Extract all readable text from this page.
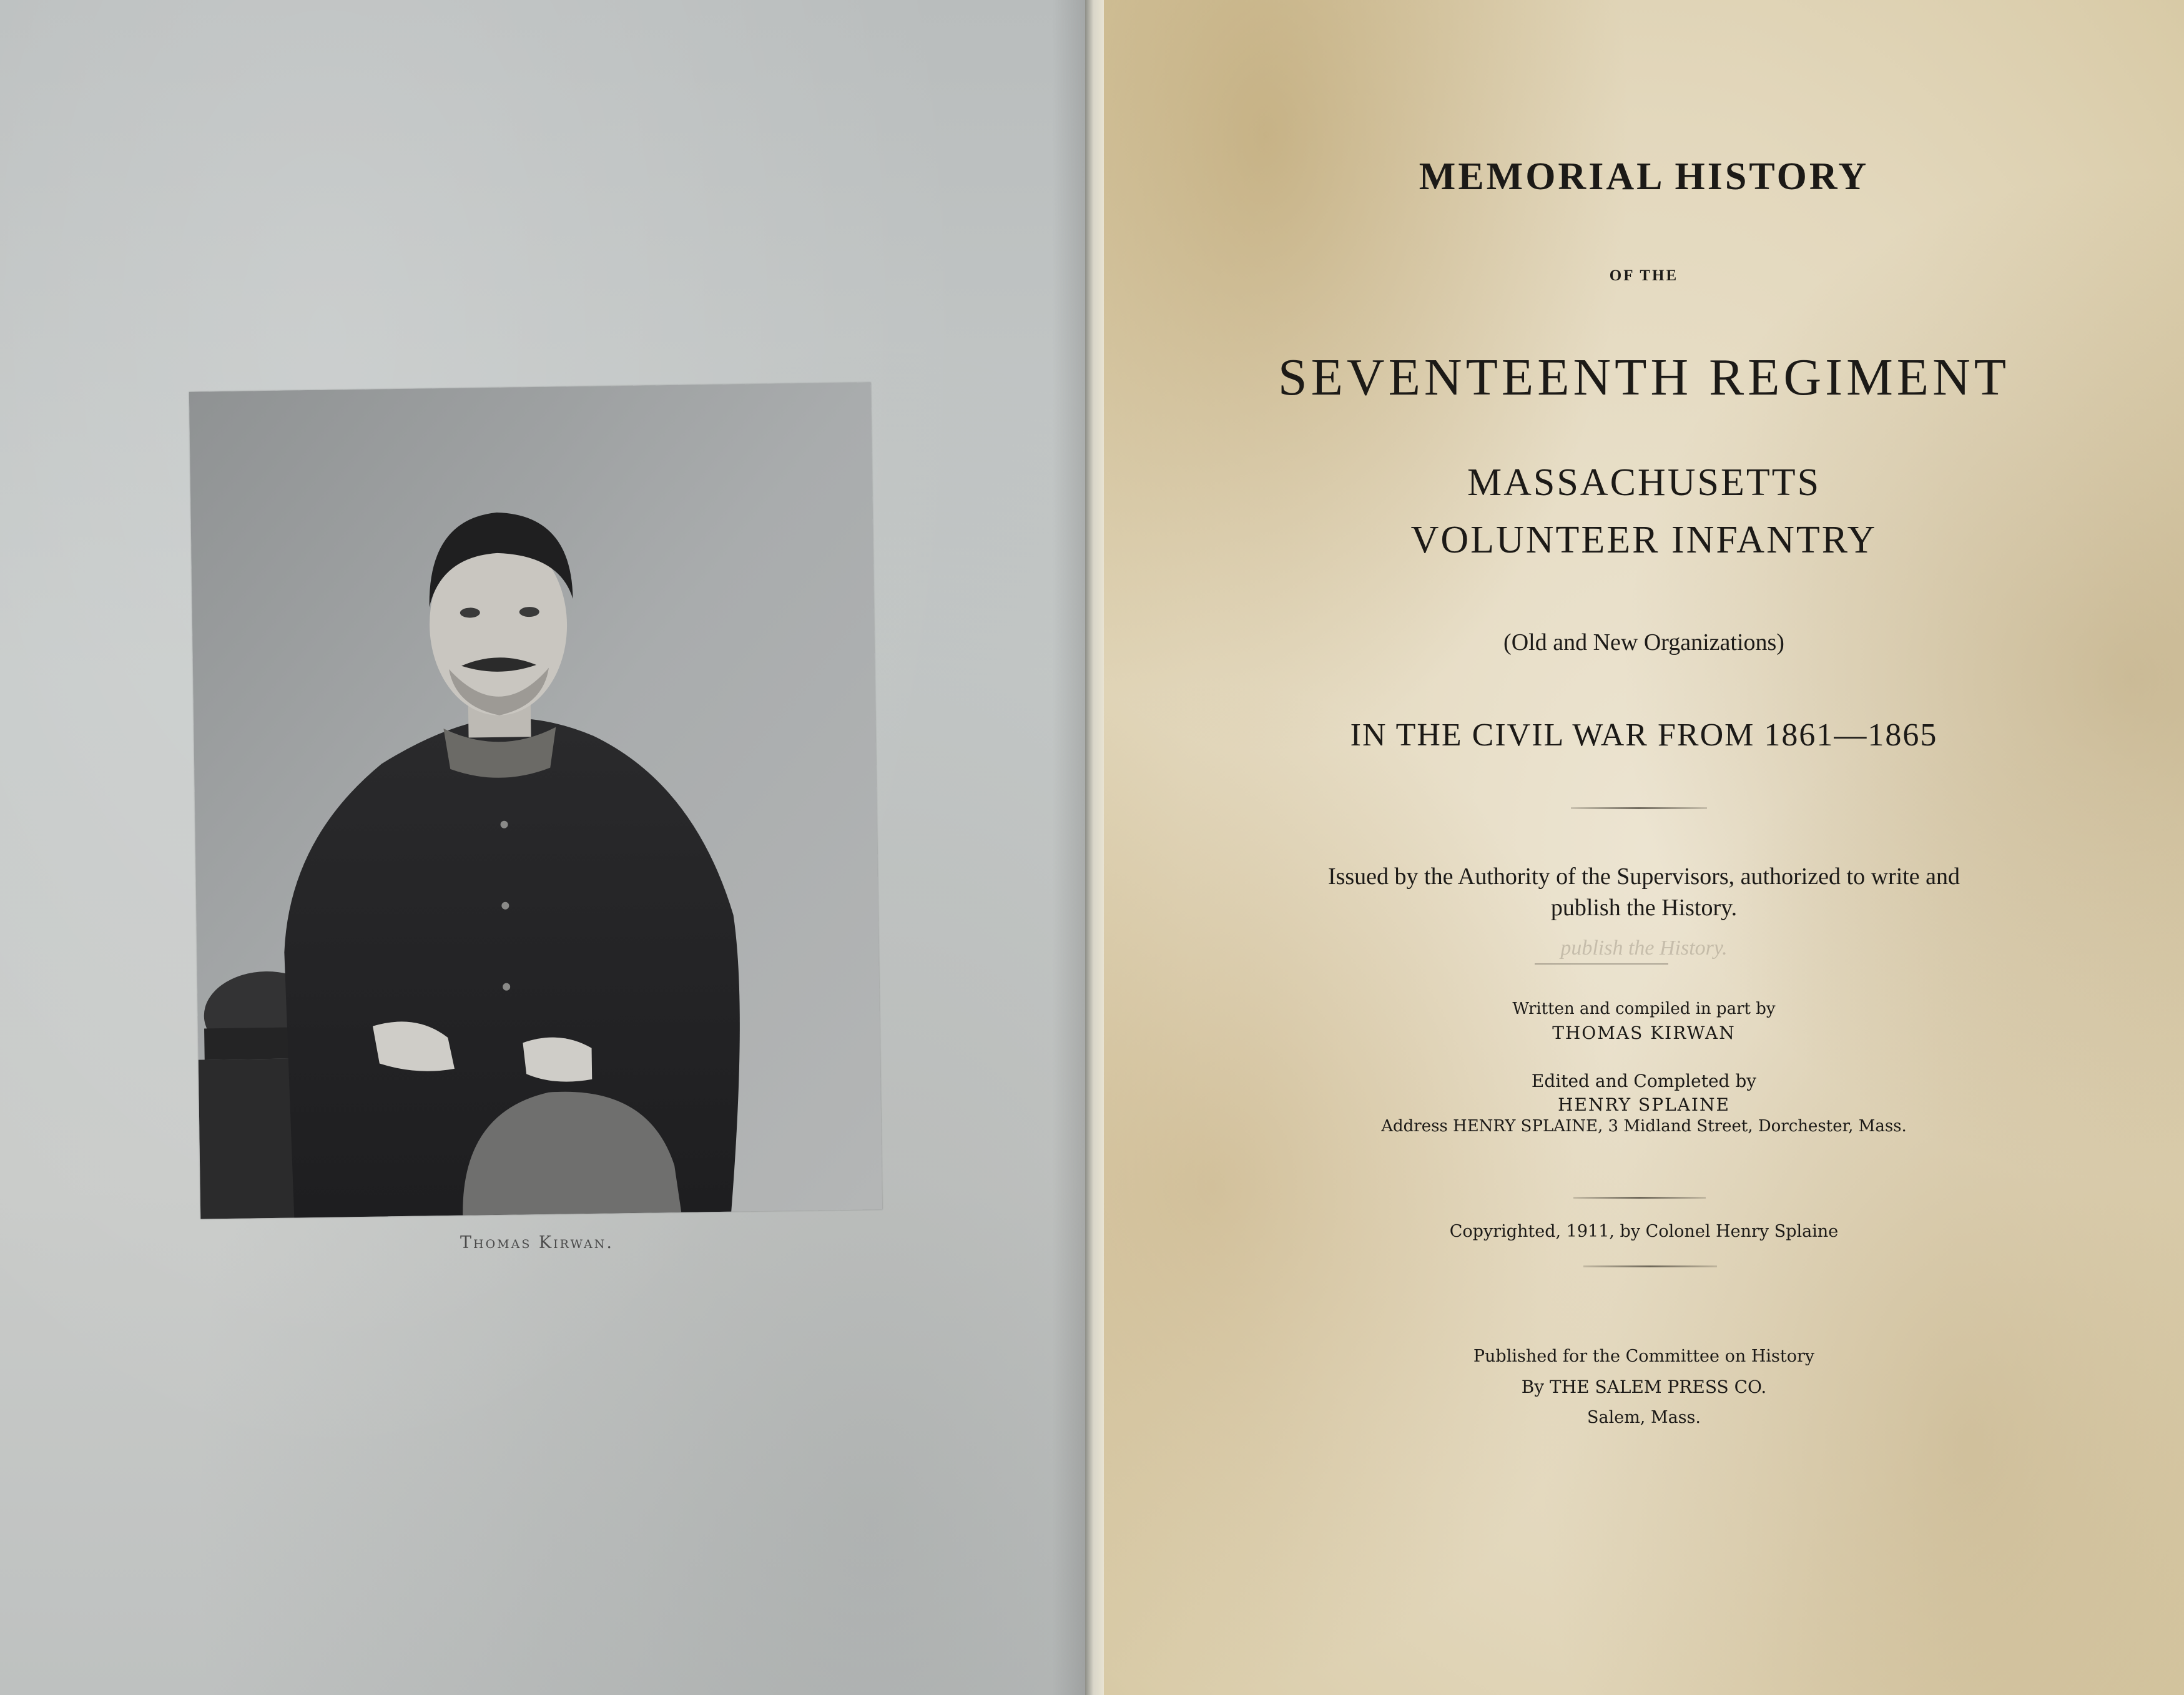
Thomas Kirwan.
MEMORIAL HISTORY
OF THE
SEVENTEENTH REGIMENT
MASSACHUSETTS
VOLUNTEER INFANTRY
(Old and New Organizations)
IN THE CIVIL WAR FROM 1861—1865
Issued by the Authority of the Supervisors, authorized to write and
publish the History.
publish the History.
Written and compiled in part by
THOMAS KIRWAN
Edited and Completed by
HENRY SPLAINE
Address HENRY SPLAINE, 3 Midland Street, Dorchester, Mass.
Copyrighted, 1911, by Colonel Henry Splaine
Published for the Committee on History
By THE SALEM PRESS CO.
Salem, Mass.
